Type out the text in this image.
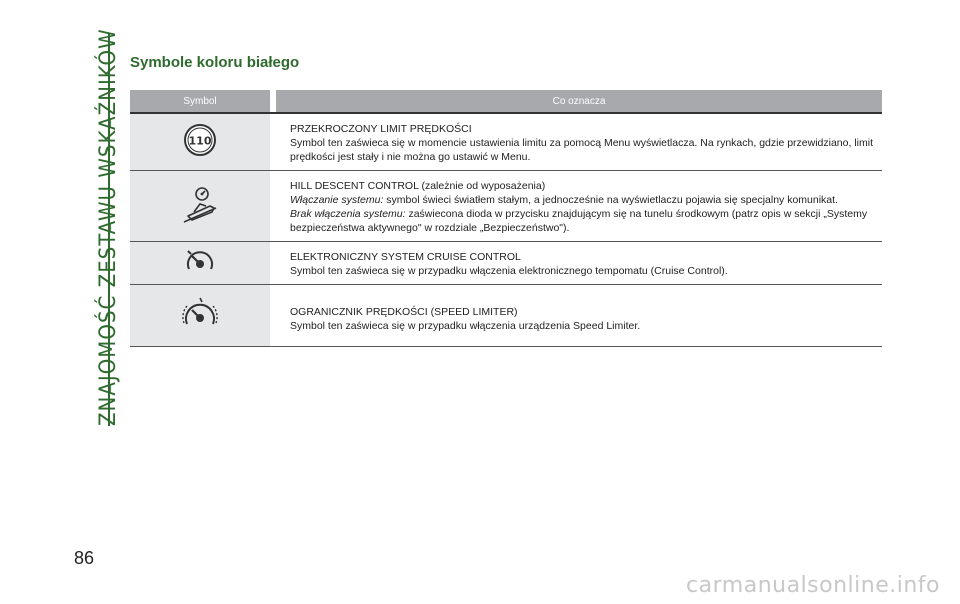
ZNAJOMOŚĆ ZESTAWU WSKAŹNIKÓW Symbole koloru białego
Symbol		Co oznacza

110		PRZEKROCZONY LIMIT PRĘDKOŚCI
Symbol ten zaświeca się w momencie ustawienia limitu za pomocą Menu wyświetlacza. Na rynkach, gdzie przewidziano, limit prędkości jest stały i nie można go ustawić w Menu.

HILL DESCENT CONTROL (zależnie od wyposażenia)
Włączanie systemu: symbol świeci światłem stałym, a jednocześnie na wyświetlaczu pojawia się specjalny komunikat.
Brak włączenia systemu: zaświecona dioda w przycisku znajdującym się na tunelu środkowym (patrz opis w sekcji „Systemy bezpieczeństwa aktywnego" w rozdziale „Bezpieczeństwo").

ELEKTRONICZNY SYSTEM CRUISE CONTROL
Symbol ten zaświeca się w przypadku włączenia elektronicznego tempomatu (Cruise Control).

OGRANICZNIK PRĘDKOŚCI (SPEED LIMITER)
Symbol ten zaświeca się w przypadku włączenia urządzenia Speed Limiter.
86
carmanualsonline.info
